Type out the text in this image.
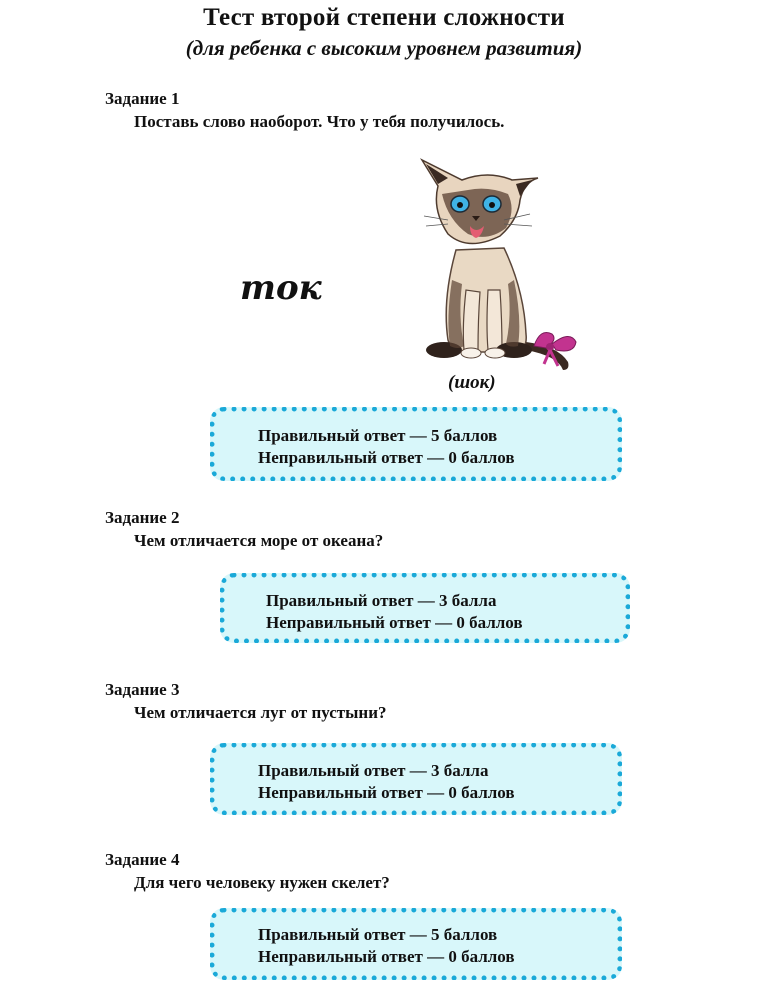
Тест второй степени сложности
(для ребенка с высоким уровнем развития)
Задание 1
Поставь слово наоборот. Что у тебя получилось.
ток
(шок)
Правильный ответ — 5 баллов
Неправильный ответ — 0 баллов
Задание 2
Чем отличается море от океана?
Правильный ответ — 3 балла
Неправильный ответ — 0 баллов
Задание 3
Чем отличается луг от пустыни?
Правильный ответ — 3 балла
Неправильный ответ — 0 баллов
Задание 4
Для чего человеку нужен скелет?
Правильный ответ — 5 баллов
Неправильный ответ — 0 баллов
